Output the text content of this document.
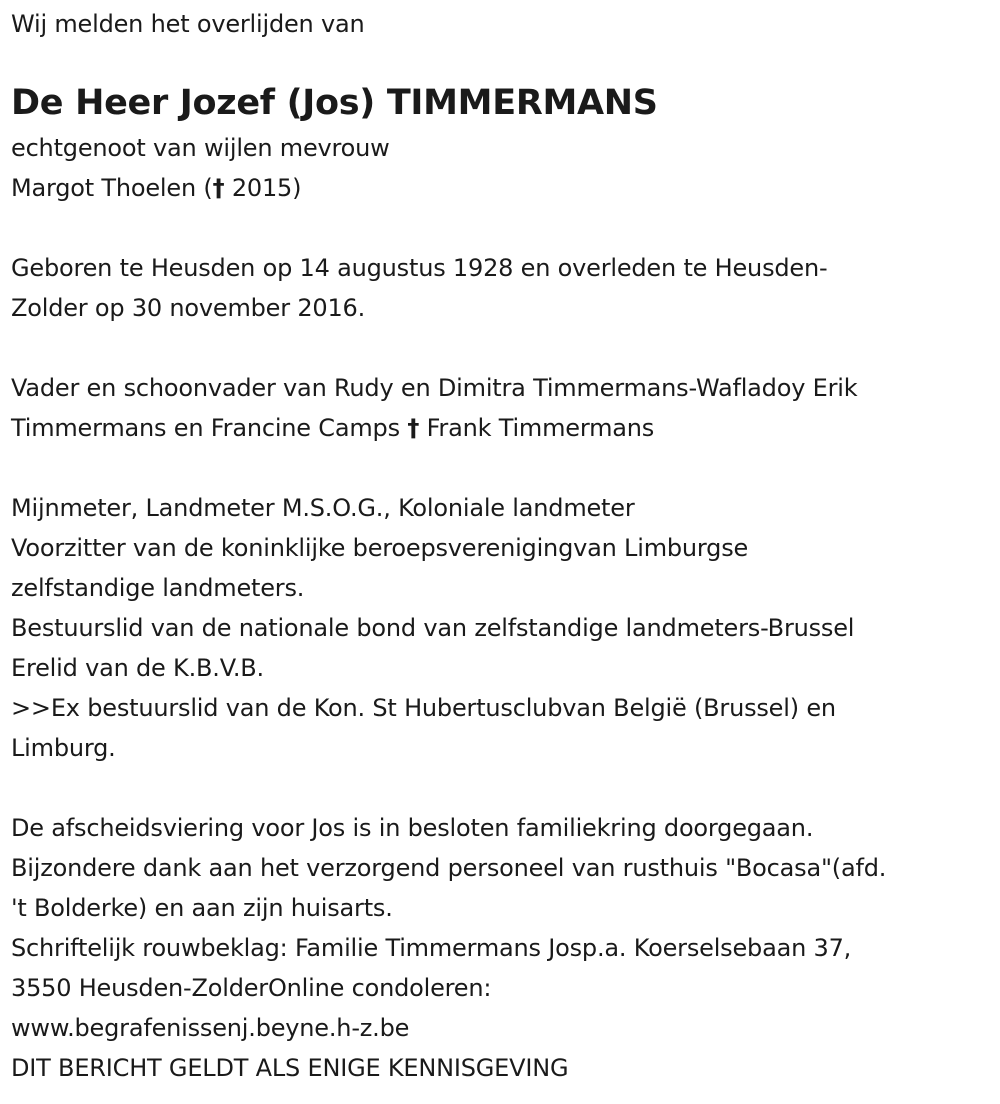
Wij melden het overlijden van
De Heer Jozef (Jos) TIMMERMANS
echtgenoot van wijlen mevrouw
Margot Thoelen († 2015)
Geboren te Heusden op 14 augustus 1928 en overleden te Heusden-
Zolder op 30 november 2016.
Vader en schoonvader van Rudy en Dimitra Timmermans-Wafladoy Erik
Timmermans en Francine Camps † Frank Timmermans
Mijnmeter, Landmeter M.S.O.G., Koloniale landmeter
Voorzitter van de koninklijke beroepsverenigingvan Limburgse
zelfstandige landmeters.
Bestuurslid van de nationale bond van zelfstandige landmeters-Brussel
Erelid van de K.B.V.B.
>>Ex bestuurslid van de Kon. St Hubertusclubvan België (Brussel) en
Limburg.
De afscheidsviering voor Jos is in besloten familiekring doorgegaan.
Bijzondere dank aan het verzorgend personeel van rusthuis "Bocasa"(afd.
't Bolderke) en aan zijn huisarts.
Schriftelijk rouwbeklag: Familie Timmermans Josp.a. Koerselsebaan 37,
3550 Heusden-ZolderOnline condoleren:
www.begrafenissenj.beyne.h-z.be
DIT BERICHT GELDT ALS ENIGE KENNISGEVING
